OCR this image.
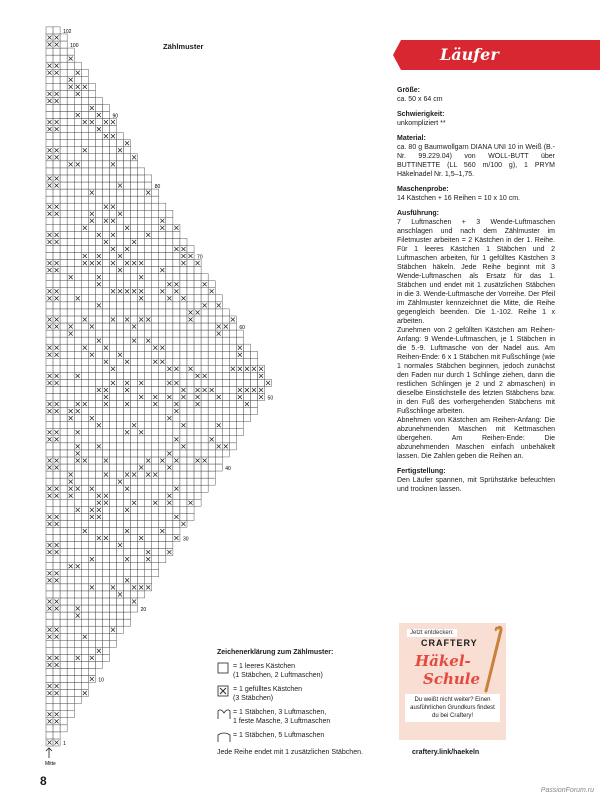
1
10
20
30
40
50
60
70
80
90
100
102
Mitte
Zählmuster
Zeichenerklärung zum Zählmuster:
= 1 leeres Kästchen
(1 Stäbchen, 2 Luftmaschen)
= 1 gefülltes Kästchen
(3 Stäbchen)
= 1 Stäbchen, 3 Luftmaschen,
1 feste Masche, 3 Luftmaschen
= 1 Stäbchen, 5 Luftmaschen
Jede Reihe endet mit 1 zusätzlichen Stäbchen.
8
Läufer
Größe:
ca. 50 x 64 cm
Schwierigkeit:
unkompliziert **
Material:
ca. 80 g Baumwollgarn DIANA UNI 10 in Weiß (B.-Nr. 99.229.04) von WOLL-BUTT über BUTTINETTE (LL 560 m/100 g), 1 PRYM Häkelnadel Nr. 1,5–1,75.
Maschenprobe:
14 Kästchen + 16 Reihen = 10 x 10 cm.
Ausführung:
7 Luftmaschen + 3 Wende-Luftmaschen anschlagen und nach dem Zählmuster im Filetmuster arbeiten = 2 Kästchen in der 1. Reihe. Für 1 leeres Kästchen 1 Stäbchen und 2 Luftmaschen arbeiten, für 1 gefülltes Kästchen 3 Stäbchen häkeln. Jede Reihe beginnt mit 3 Wende-Luftmaschen als Ersatz für das 1. Stäbchen und endet mit 1 zusätzlichen Stäbchen in die 3. Wende-Luftmasche der Vorreihe. Der Pfeil im Zählmuster kennzeichnet die Mitte, die Reihe gegengleich beenden. Die 1.-102. Reihe 1 x arbeiten.
Zunehmen von 2 gefüllten Kästchen am Reihen-Anfang: 9 Wende-Luftmaschen, je 1 Stäbchen in die 5.-9. Luftmasche von der Nadel aus. Am Reihen-Ende: 6 x 1 Stäbchen mit Fußschlinge (wie 1 normales Stäbchen beginnen, jedoch zunächst den Faden nur durch 1 Schlinge ziehen, dann die restlichen Schlingen je 2 und 2 abmaschen) in dieselbe Einstichstelle des letzten Stäbchens bzw. in den Fuß des vorhergehenden Stäbchens mit Fußschlinge arbeiten.
Abnehmen von Kästchen am Reihen-Anfang: Die abzunehmenden Maschen mit Kettmaschen übergehen. Am Reihen-Ende: Die abzunehmenden Maschen einfach unbehäkelt lassen. Die Zahlen geben die Reihen an.
Fertigstellung:
Den Läufer spannen, mit Sprühstärke befeuchten und trocknen lassen.
Jetzt entdecken:
CRAFTERY
Häkel-
Schule
Du weißt nicht weiter? Einen ausführlichen Grundkurs findest du bei Craftery!
craftery.link/haekeln
PassionForum.ru
